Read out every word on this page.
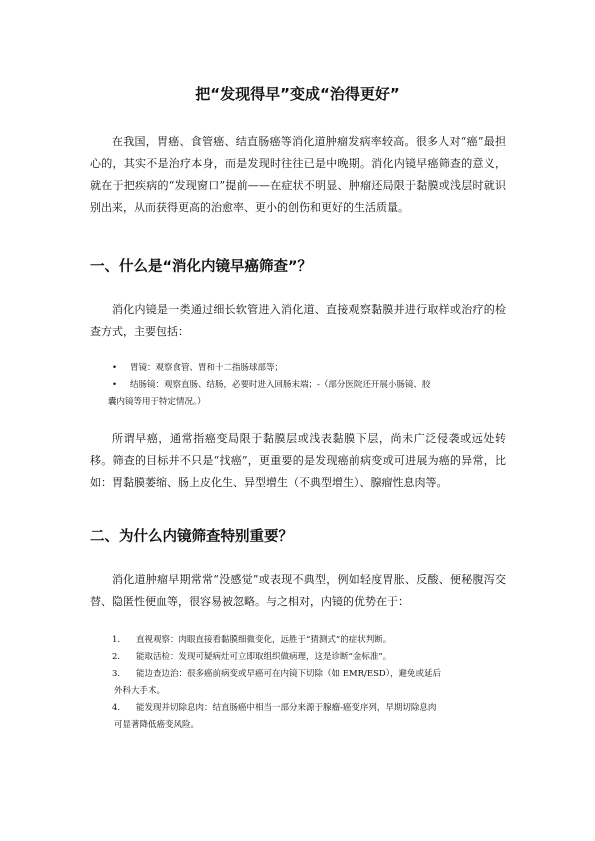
把“发现得早”变成“治得更好”

在我国，胃癌、食管癌、结直肠癌等消化道肿瘤发病率较高。很多人对“癌”最担心的，其实不是治疗本身，而是发现时往往已是中晚期。消化内镜早癌筛查的意义，就在于把疾病的“发现窗口”提前——在症状不明显、肿瘤还局限于黏膜或浅层时就识别出来，从而获得更高的治愈率、更小的创伤和更好的生活质量。

一、什么是“消化内镜早癌筛查”？

消化内镜是一类通过细长软管进入消化道、直接观察黏膜并进行取样或治疗的检查方式，主要包括：

•	胃镜：观察食管、胃和十二指肠球部等；
•	结肠镜：观察直肠、结肠，必要时进入回肠末端；-（部分医院还开展小肠镜、胶
囊内镜等用于特定情况。）

所谓早癌，通常指癌变局限于黏膜层或浅表黏膜下层，尚未广泛侵袭或远处转移。筛查的目标并不只是“找癌”，更重要的是发现癌前病变或可进展为癌的异常，比如：胃黏膜萎缩、肠上皮化生、异型增生（不典型增生）、腺瘤性息肉等。

二、为什么内镜筛查特别重要？

消化道肿瘤早期常常“没感觉”或表现不典型，例如轻度胃胀、反酸、便秘腹泻交替、隐匿性便血等，很容易被忽略。与之相对，内镜的优势在于：

1.	直视观察：肉眼直接看黏膜细微变化，远胜于“猜测式”的症状判断。
2.	能取活检：发现可疑病灶可立即取组织做病理，这是诊断“金标准”。
3.	能边查边治：很多癌前病变或早癌可在内镜下切除（如 EMR/ESD），避免或延后
外科大手术。
4.	能发现并切除息肉：结直肠癌中相当一部分来源于腺瘤-癌变序列，早期切除息肉
可显著降低癌变风险。
